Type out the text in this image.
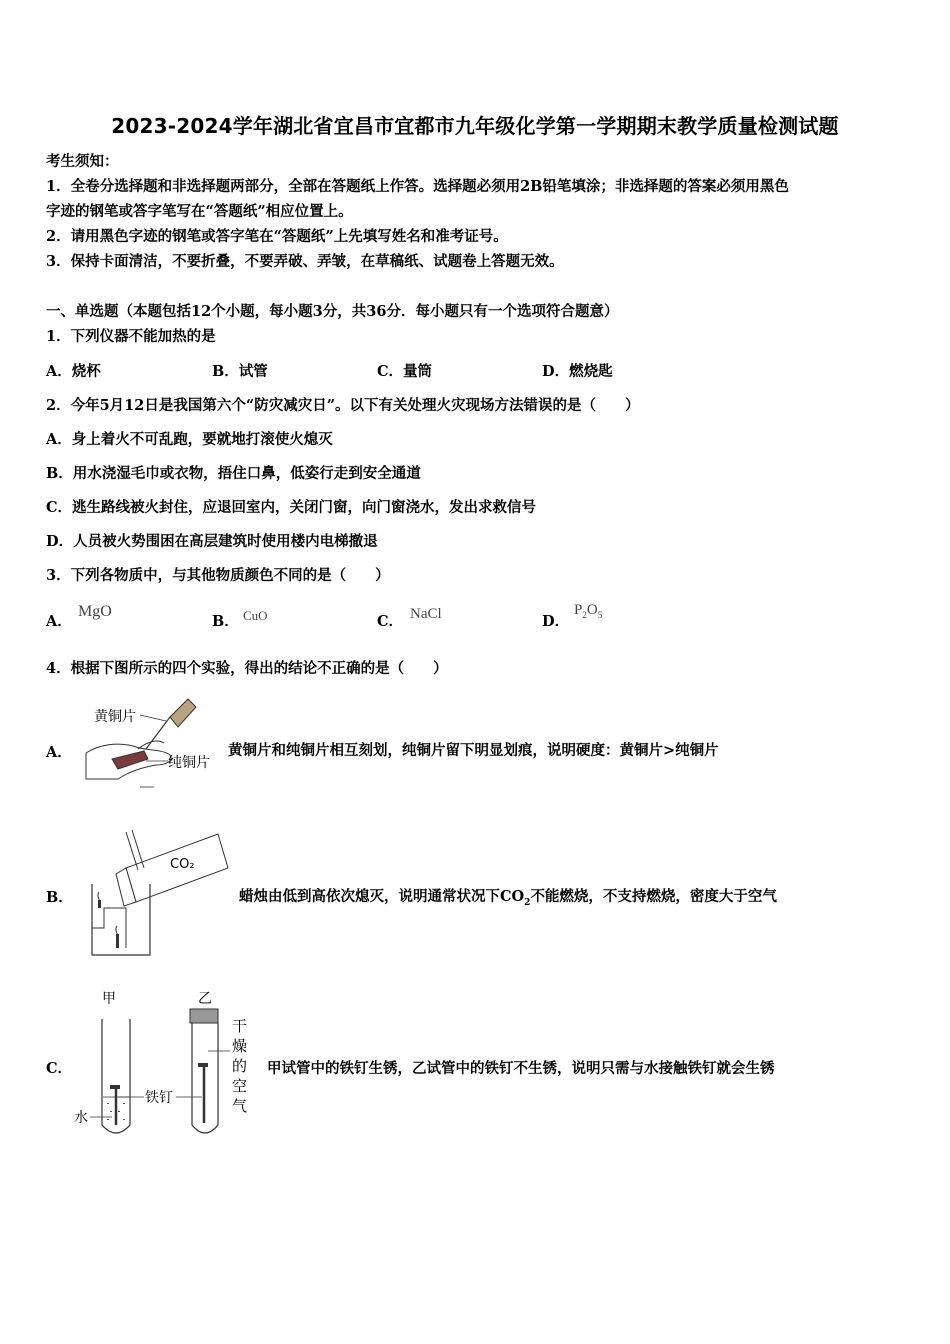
2023-2024学年湖北省宜昌市宜都市九年级化学第一学期期末教学质量检测试题
考生须知：
1．全卷分选择题和非选择题两部分，全部在答题纸上作答。选择题必须用2B铅笔填涂；非选择题的答案必须用黑色
字迹的钢笔或答字笔写在“答题纸”相应位置上。
2．请用黑色字迹的钢笔或答字笔在“答题纸”上先填写姓名和准考证号。
3．保持卡面清洁，不要折叠，不要弄破、弄皱，在草稿纸、试题卷上答题无效。
一、单选题（本题包括12个小题，每小题3分，共36分．每小题只有一个选项符合题意）
1．下列仪器不能加热的是
A．烧杯	B．试管	C．量筒	D．燃烧匙
2．今年5月12日是我国第六个“防灾减灾日”。以下有关处理火灾现场方法错误的是（　　）
A．身上着火不可乱跑，要就地打滚使火熄灭
B．用水浇湿毛巾或衣物，捂住口鼻，低姿行走到安全通道
C．逃生路线被火封住，应退回室内，关闭门窗，向门窗浇水，发出求救信号
D．人员被火势围困在高层建筑时使用楼内电梯撤退
3．下列各物质中，与其他物质颜色不同的是（　　）
A．
MgO
B． CuO	C． NaCl	D．
$P_2O_5$
4．根据下图所示的四个实验，得出的结论不正确的是（　　）
A．
黄铜片
纯铜片
黄铜片和纯铜片相互刻划，纯铜片留下明显划痕，说明硬度：黄铜片>纯铜片
B．
CO₂
蜡烛由低到高依次熄灭，说明通常状况下$CO_2$不能燃烧，不支持燃烧，密度大于空气
C．
甲	乙
铁钉
水
干
燥
的
空
气
甲试管中的铁钉生锈，乙试管中的铁钉不生锈，说明只需与水接触铁钉就会生锈
